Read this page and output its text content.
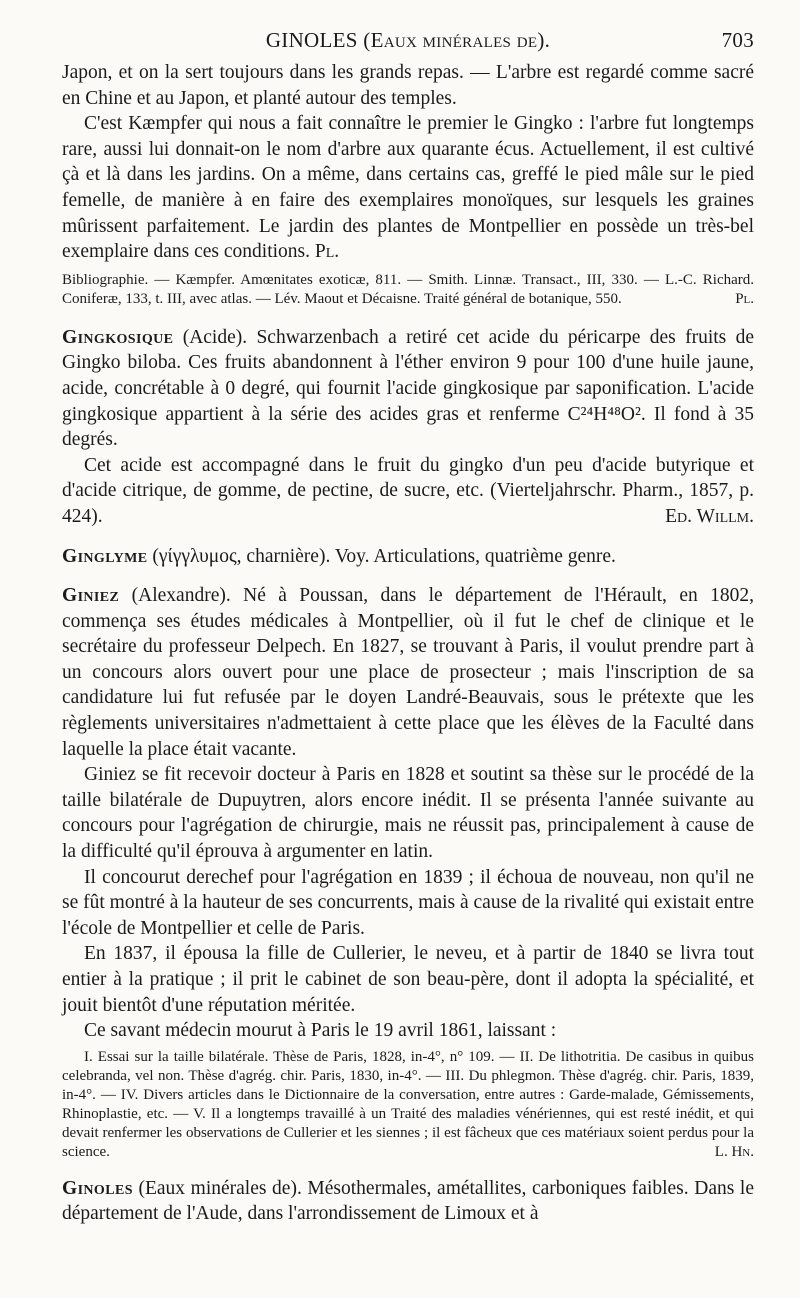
GINOLES (Eaux minérales de).	703

Japon, et on la sert toujours dans les grands repas. — L'arbre est regardé comme sacré en Chine et au Japon, et planté autour des temples.

C'est Kæmpfer qui nous a fait connaître le premier le Gingko : l'arbre fut longtemps rare, aussi lui donnait-on le nom d'arbre aux quarante écus. Actuellement, il est cultivé çà et là dans les jardins. On a même, dans certains cas, greffé le pied mâle sur le pied femelle, de manière à en faire des exemplaires monoïques, sur lesquels les graines mûrissent parfaitement. Le jardin des plantes de Montpellier en possède un très-bel exemplaire dans ces conditions. Pl.

Bibliographie. — Kæmpfer. Amœnitates exoticæ, 811. — Smith. Linnæ. Transact., III, 330. — L.-C. Richard. Coniferæ, 133, t. III, avec atlas. — Lév. Maout et Décaisne. Traité général de botanique, 550.	Pl.

Gingkosique (Acide). Schwarzenbach a retiré cet acide du péricarpe des fruits de Gingko biloba. Ces fruits abandonnent à l'éther environ 9 pour 100 d'une huile jaune, acide, concrétable à 0 degré, qui fournit l'acide gingkosique par saponification. L'acide gingkosique appartient à la série des acides gras et renferme C²⁴H⁴⁸O². Il fond à 35 degrés.

Cet acide est accompagné dans le fruit du gingko d'un peu d'acide butyrique et d'acide citrique, de gomme, de pectine, de sucre, etc. (Vierteljahrschr. Pharm., 1857, p. 424).	Ed. Willm.

Ginglyme (γίγγλυμος, charnière). Voy. Articulations, quatrième genre.

Giniez (Alexandre). Né à Poussan, dans le département de l'Hérault, en 1802, commença ses études médicales à Montpellier, où il fut le chef de clinique et le secrétaire du professeur Delpech. En 1827, se trouvant à Paris, il voulut prendre part à un concours alors ouvert pour une place de prosecteur ; mais l'inscription de sa candidature lui fut refusée par le doyen Landré-Beauvais, sous le prétexte que les règlements universitaires n'admettaient à cette place que les élèves de la Faculté dans laquelle la place était vacante.

Giniez se fit recevoir docteur à Paris en 1828 et soutint sa thèse sur le procédé de la taille bilatérale de Dupuytren, alors encore inédit. Il se présenta l'année suivante au concours pour l'agrégation de chirurgie, mais ne réussit pas, principalement à cause de la difficulté qu'il éprouva à argumenter en latin.

Il concourut derechef pour l'agrégation en 1839 ; il échoua de nouveau, non qu'il ne se fût montré à la hauteur de ses concurrents, mais à cause de la rivalité qui existait entre l'école de Montpellier et celle de Paris.

En 1837, il épousa la fille de Cullerier, le neveu, et à partir de 1840 se livra tout entier à la pratique ; il prit le cabinet de son beau-père, dont il adopta la spécialité, et jouit bientôt d'une réputation méritée.

Ce savant médecin mourut à Paris le 19 avril 1861, laissant :

I. Essai sur la taille bilatérale. Thèse de Paris, 1828, in-4°, n° 109. — II. De lithotritia. De casibus in quibus celebranda, vel non. Thèse d'agrég. chir. Paris, 1830, in-4°. — III. Du phlegmon. Thèse d'agrég. chir. Paris, 1839, in-4°. — IV. Divers articles dans le Dictionnaire de la conversation, entre autres : Garde-malade, Gémissements, Rhinoplastie, etc. — V. Il a longtemps travaillé à un Traité des maladies vénériennes, qui est resté inédit, et qui devait renfermer les observations de Cullerier et les siennes ; il est fâcheux que ces matériaux soient perdus pour la science.	L. Hn.

Ginoles (Eaux minérales de). Mésothermales, amétallites, carboniques faibles. Dans le département de l'Aude, dans l'arrondissement de Limoux et à
